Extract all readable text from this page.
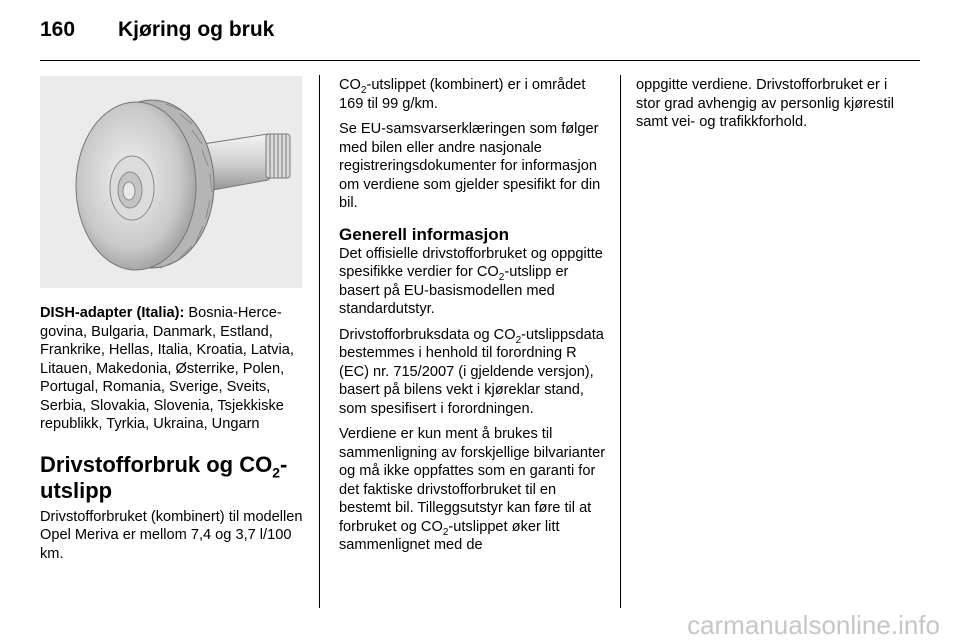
160 Kjøring og bruk

DISH-adapter (Italia): Bosnia-Hercegovina, Bulgaria, Danmark, Estland, Frankrike, Hellas, Italia, Kroatia, Latvia, Litauen, Makedonia, Østerrike, Polen, Portugal, Romania, Sverige, Sveits, Serbia, Slovakia, Slovenia, Tsjekkiske republikk, Tyrkia, Ukraina, Ungarn

Drivstofforbruk og $CO_2$-utslipp

Drivstofforbruket (kombinert) til modellen Opel Meriva er mellom 7,4 og 3,7 l/100 km.

$CO_2$-utslippet (kombinert) er i området 169 til 99 g/km.

Se EU-samsvarserklæringen som følger med bilen eller andre nasjonale registreringsdokumenter for informasjon om verdiene som gjelder spesifikt for din bil.

Generell informasjon

Det offisielle drivstofforbruket og oppgitte spesifikke verdier for $CO_2$-utslipp er basert på EU-basismodellen med standardutstyr.

Drivstofforbruksdata og $CO_2$-utslippsdata bestemmes i henhold til forordning R (EC) nr. 715/2007 (i gjeldende versjon), basert på bilens vekt i kjøreklar stand, som spesifisert i forordningen.

Verdiene er kun ment å brukes til sammenligning av forskjellige bilvarianter og må ikke oppfattes som en garanti for det faktiske drivstofforbruket til en bestemt bil. Tilleggsutstyr kan føre til at forbruket og $CO_2$-utslippet øker litt sammenlignet med de

oppgitte verdiene. Drivstofforbruket er i stor grad avhengig av personlig kjørestil samt vei- og trafikkforhold.

carmanualsonline.info
